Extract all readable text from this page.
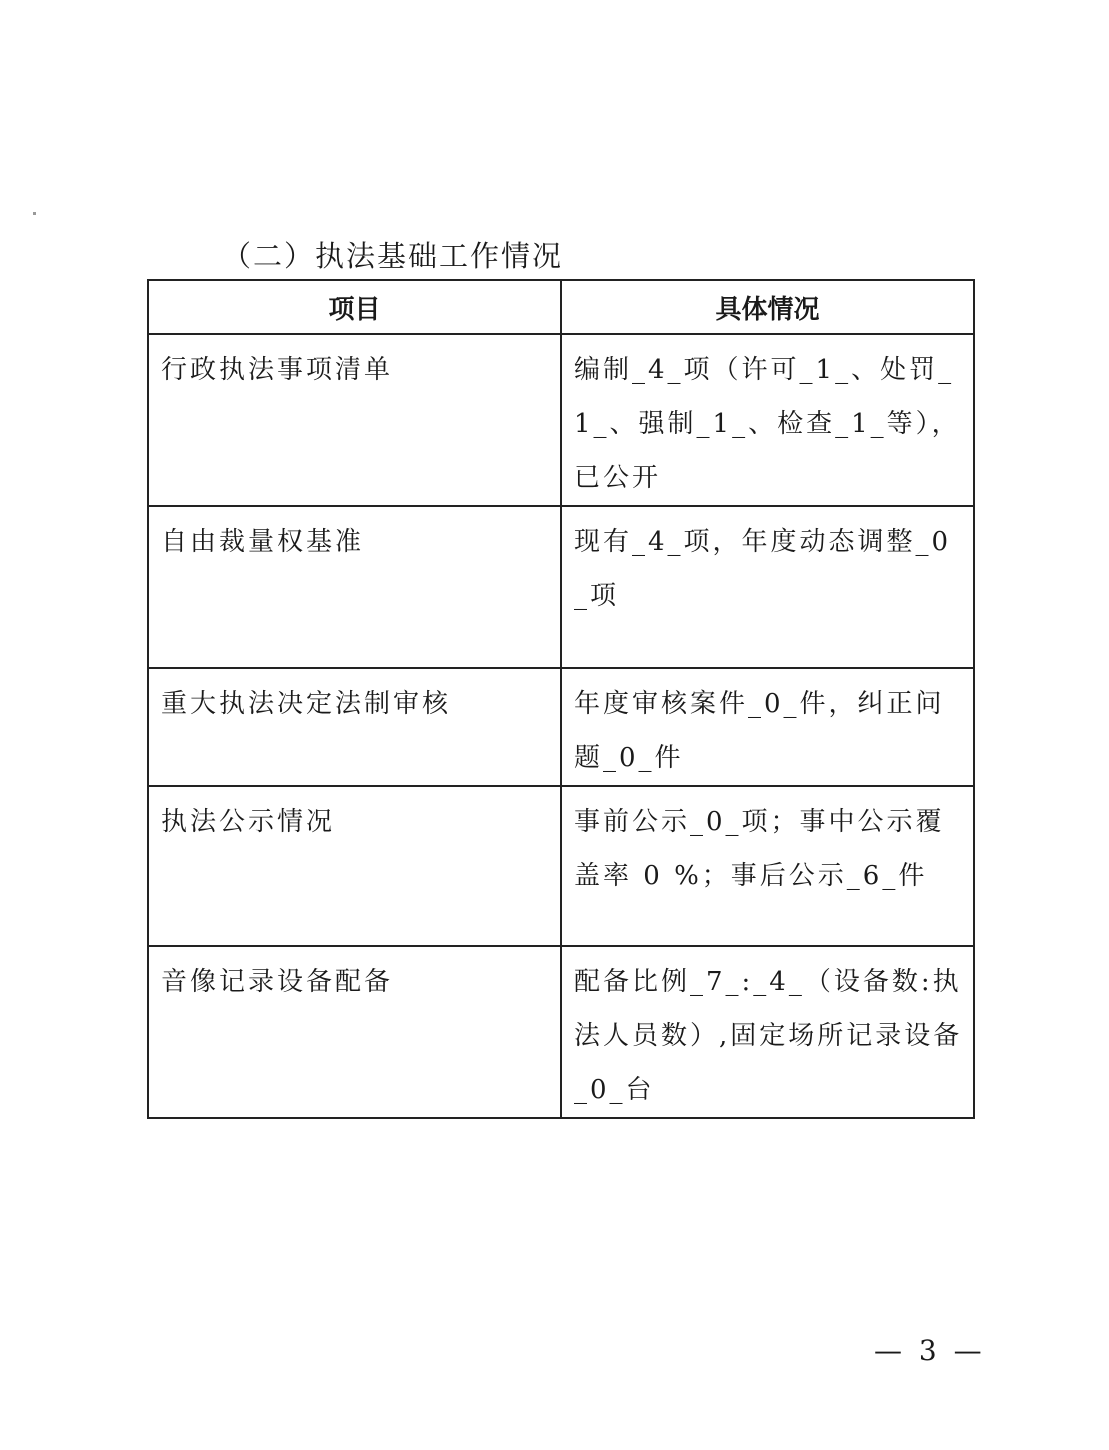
（二）执法基础工作情况
项目	具体情况

行政执法事项清单	编制_4_项（许可_1_、处罚_1_、强制_1_、检查_1_等），已公开

自由裁量权基准	现有_4_项，年度动态调整_0_项

重大执法决定法制审核	年度审核案件_0_件，纠正问题_0_件

执法公示情况	事前公示_0_项；事中公示覆盖率 0 %；事后公示_6_件

音像记录设备配备	配备比例_7_:_4_（设备数:执法人员数）,固定场所记录设备_0_台
— 3 —
